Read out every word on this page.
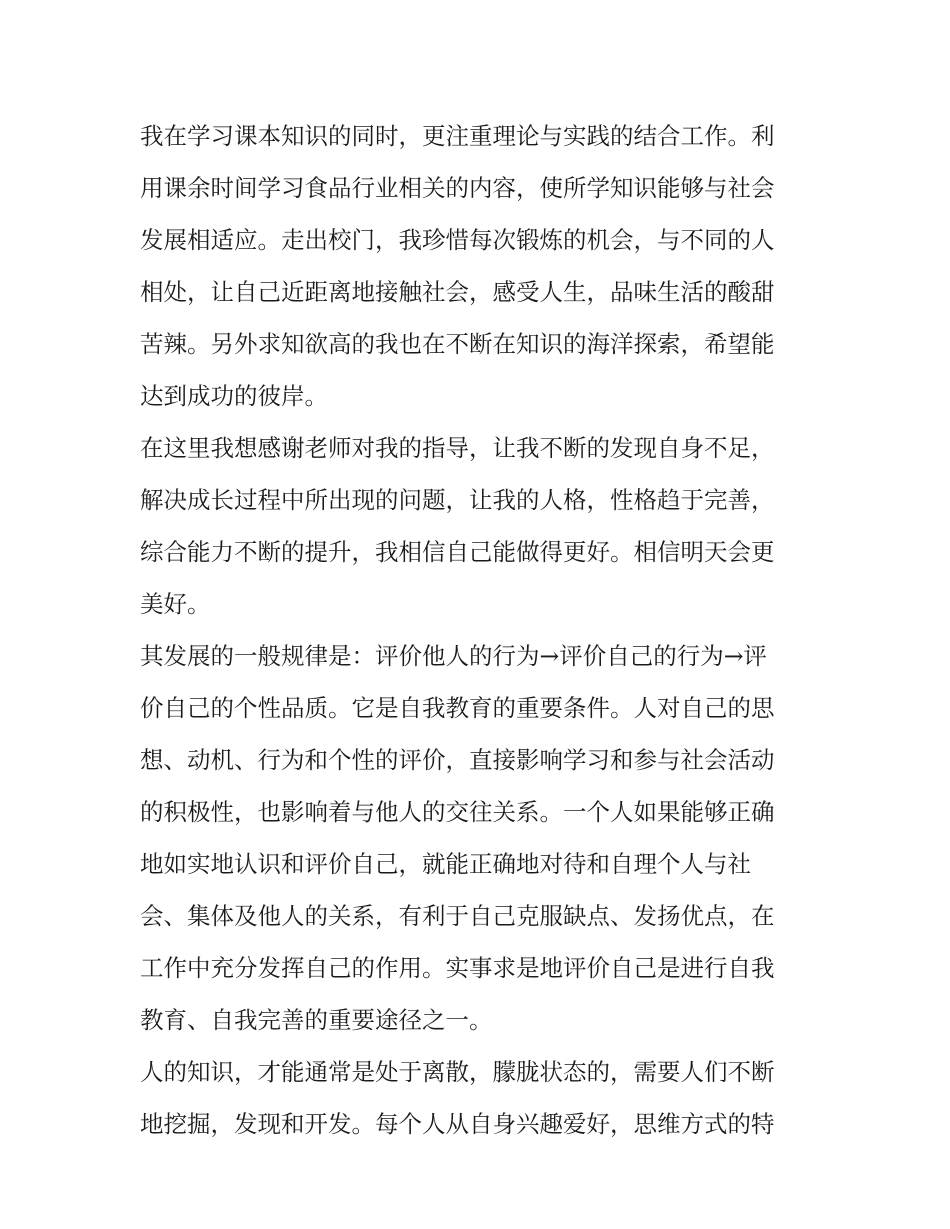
我在学习课本知识的同时，更注重理论与实践的结合工作。利
用课余时间学习食品行业相关的内容，使所学知识能够与社会
发展相适应。走出校门，我珍惜每次锻炼的机会，与不同的人
相处，让自己近距离地接触社会，感受人生，品味生活的酸甜
苦辣。另外求知欲高的我也在不断在知识的海洋探索，希望能
达到成功的彼岸。

在这里我想感谢老师对我的指导，让我不断的发现自身不足，
解决成长过程中所出现的问题，让我的人格，性格趋于完善，
综合能力不断的提升，我相信自己能做得更好。相信明天会更
美好。

其发展的一般规律是：评价他人的行为→评价自己的行为→评
价自己的个性品质。它是自我教育的重要条件。人对自己的思
想、动机、行为和个性的评价，直接影响学习和参与社会活动
的积极性，也影响着与他人的交往关系。一个人如果能够正确
地如实地认识和评价自己，就能正确地对待和自理个人与社
会、集体及他人的关系，有利于自己克服缺点、发扬优点，在
工作中充分发挥自己的作用。实事求是地评价自己是进行自我
教育、自我完善的重要途径之一。

人的知识，才能通常是处于离散，朦胧状态的，需要人们不断
地挖掘，发现和开发。每个人从自身兴趣爱好，思维方式的特
